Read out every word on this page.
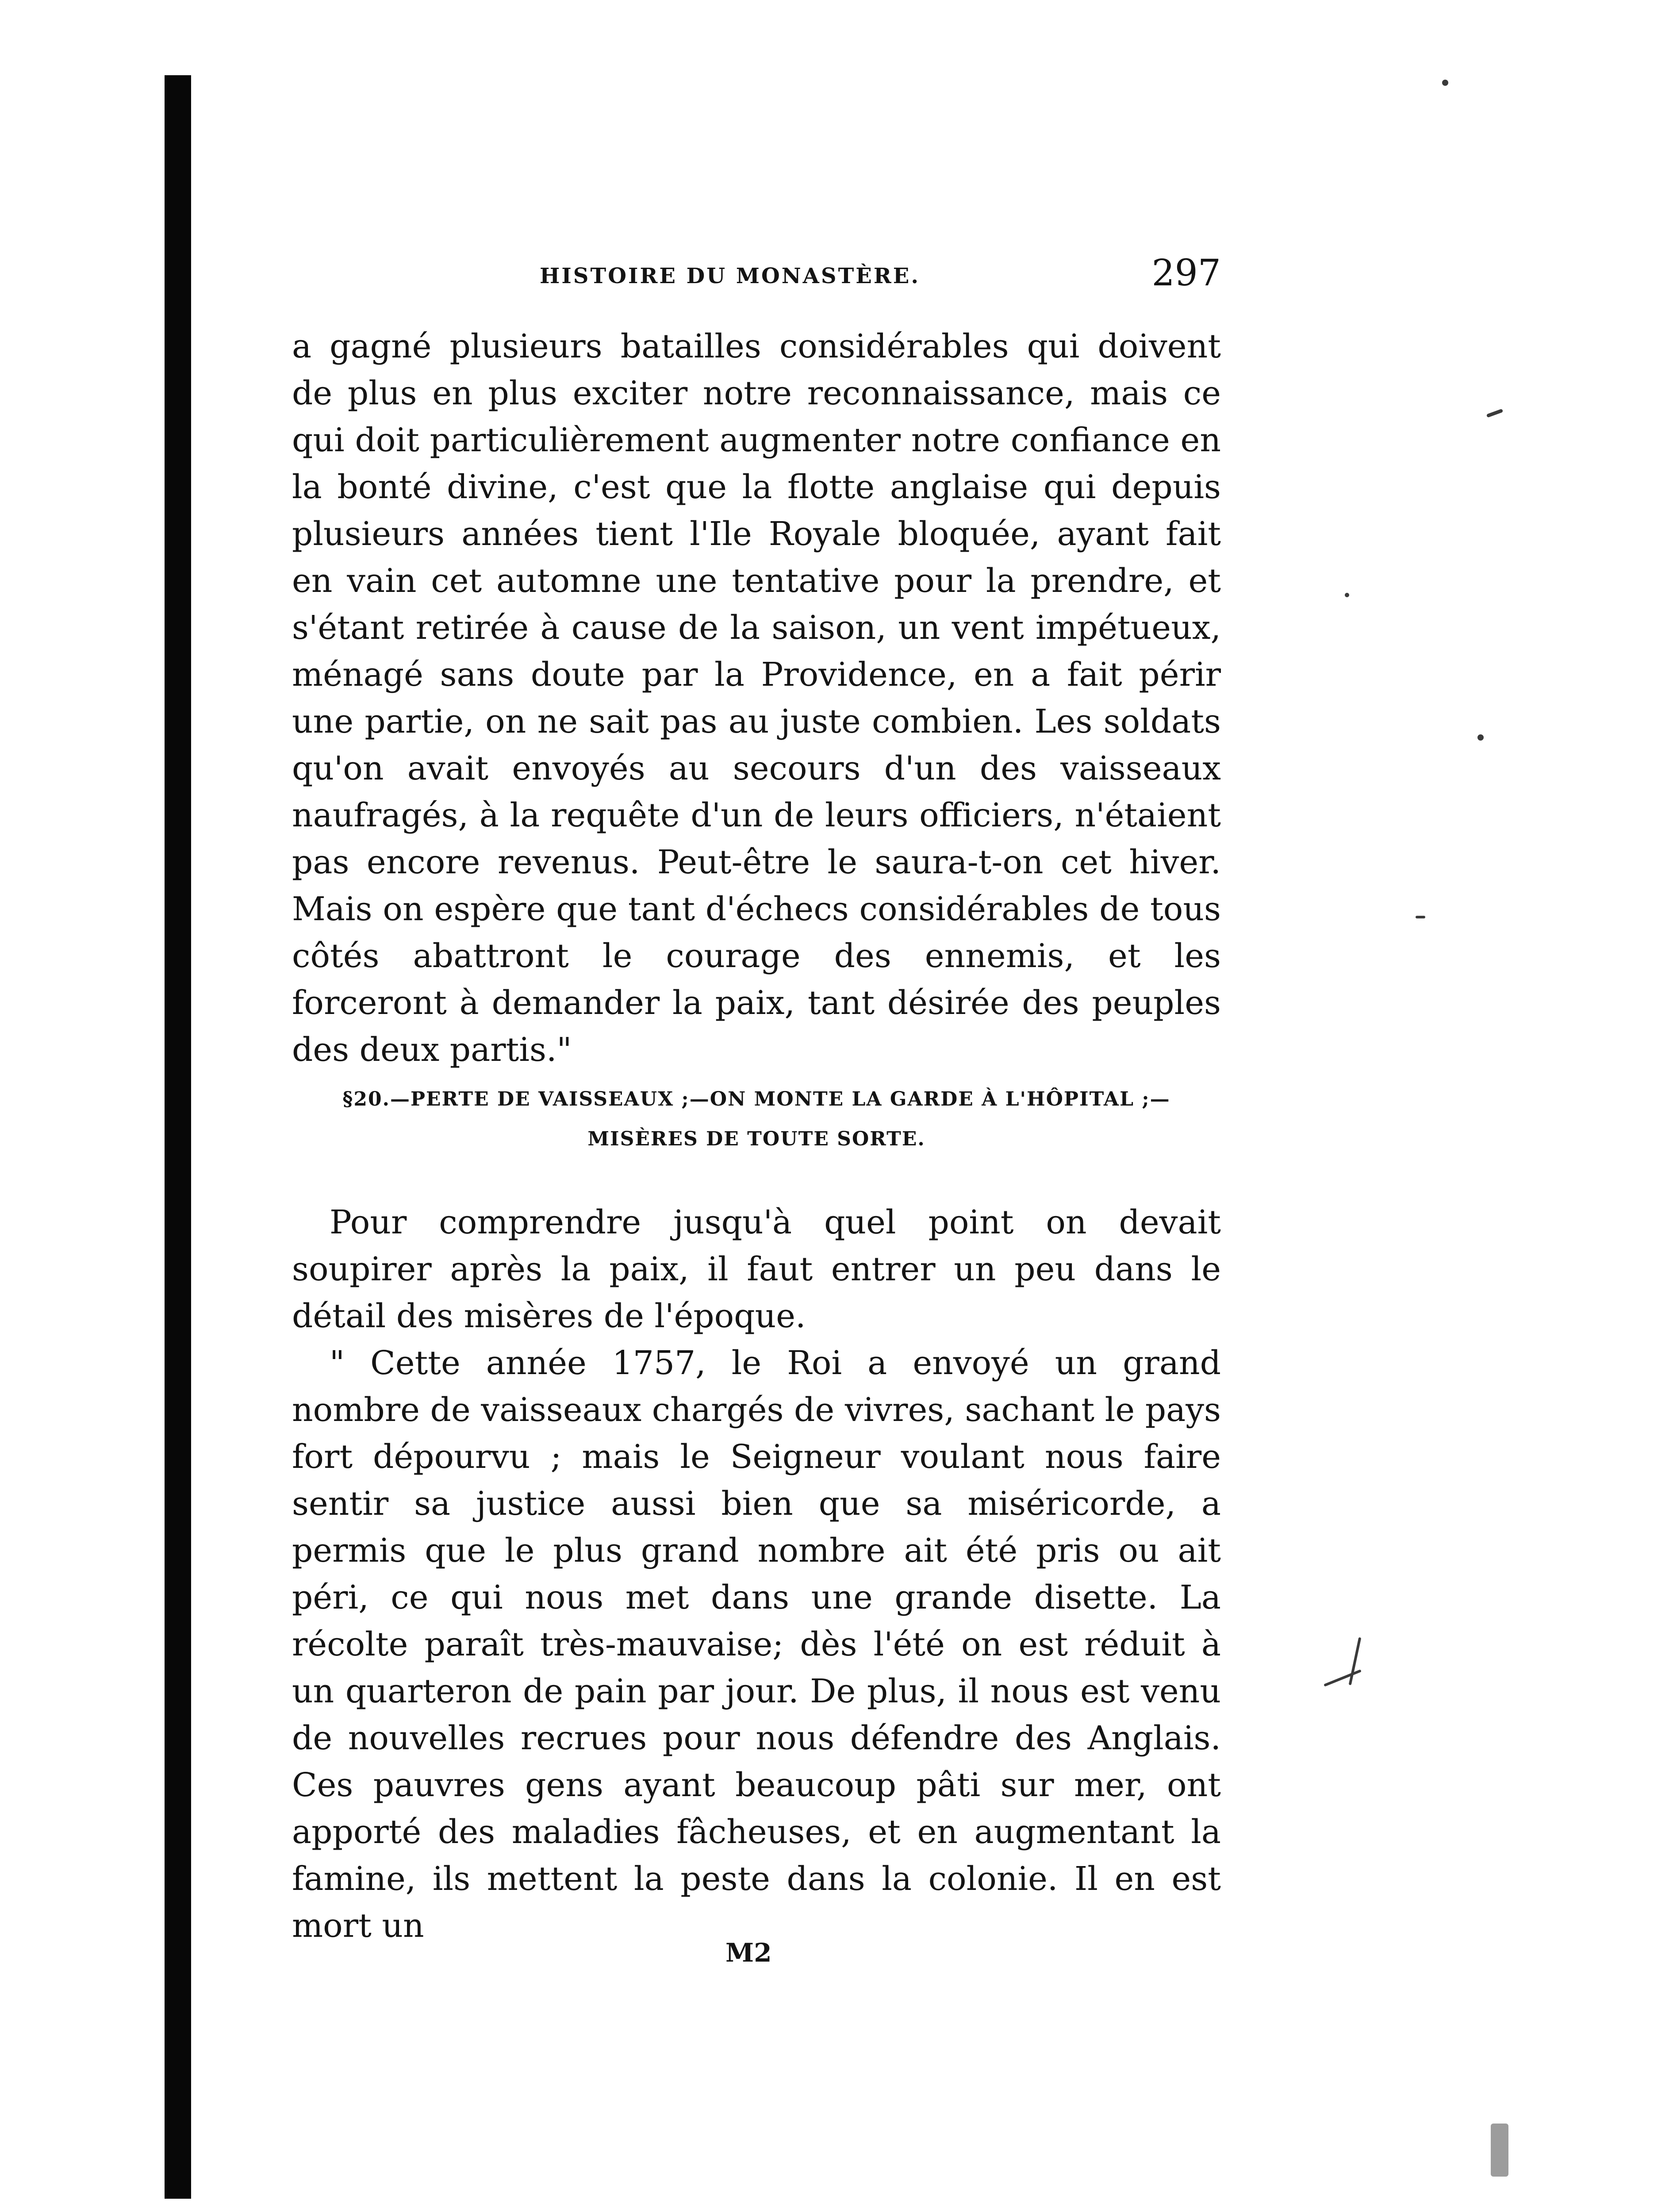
HISTOIRE DU MONASTÈRE.	297

a gagné plusieurs batailles considérables qui doivent de plus en plus exciter notre reconnaissance, mais ce qui doit particulièrement augmenter notre confiance en la bonté divine, c'est que la flotte anglaise qui depuis plusieurs années tient l'Ile Royale bloquée, ayant fait en vain cet automne une tentative pour la prendre, et s'étant retirée à cause de la saison, un vent impétueux, ménagé sans doute par la Providence, en a fait périr une partie, on ne sait pas au juste combien. Les soldats qu'on avait envoyés au secours d'un des vaisseaux naufragés, à la requête d'un de leurs officiers, n'étaient pas encore revenus. Peut-être le saura-t-on cet hiver. Mais on espère que tant d'échecs considérables de tous côtés abattront le courage des ennemis, et les forceront à demander la paix, tant désirée des peuples des deux partis."

§20.—PERTE DE VAISSEAUX ;—ON MONTE LA GARDE À L'HÔPITAL ;—
MISÈRES DE TOUTE SORTE.

Pour comprendre jusqu'à quel point on devait soupirer après la paix, il faut entrer un peu dans le détail des misères de l'époque.

" Cette année 1757, le Roi a envoyé un grand nombre de vaisseaux chargés de vivres, sachant le pays fort dépourvu ; mais le Seigneur voulant nous faire sentir sa justice aussi bien que sa miséricorde, a permis que le plus grand nombre ait été pris ou ait péri, ce qui nous met dans une grande disette. La récolte paraît très-mauvaise; dès l'été on est réduit à un quarteron de pain par jour. De plus, il nous est venu de nouvelles recrues pour nous défendre des Anglais. Ces pauvres gens ayant beaucoup pâti sur mer, ont apporté des maladies fâcheuses, et en augmentant la famine, ils mettent la peste dans la colonie. Il en est mort un

M2
